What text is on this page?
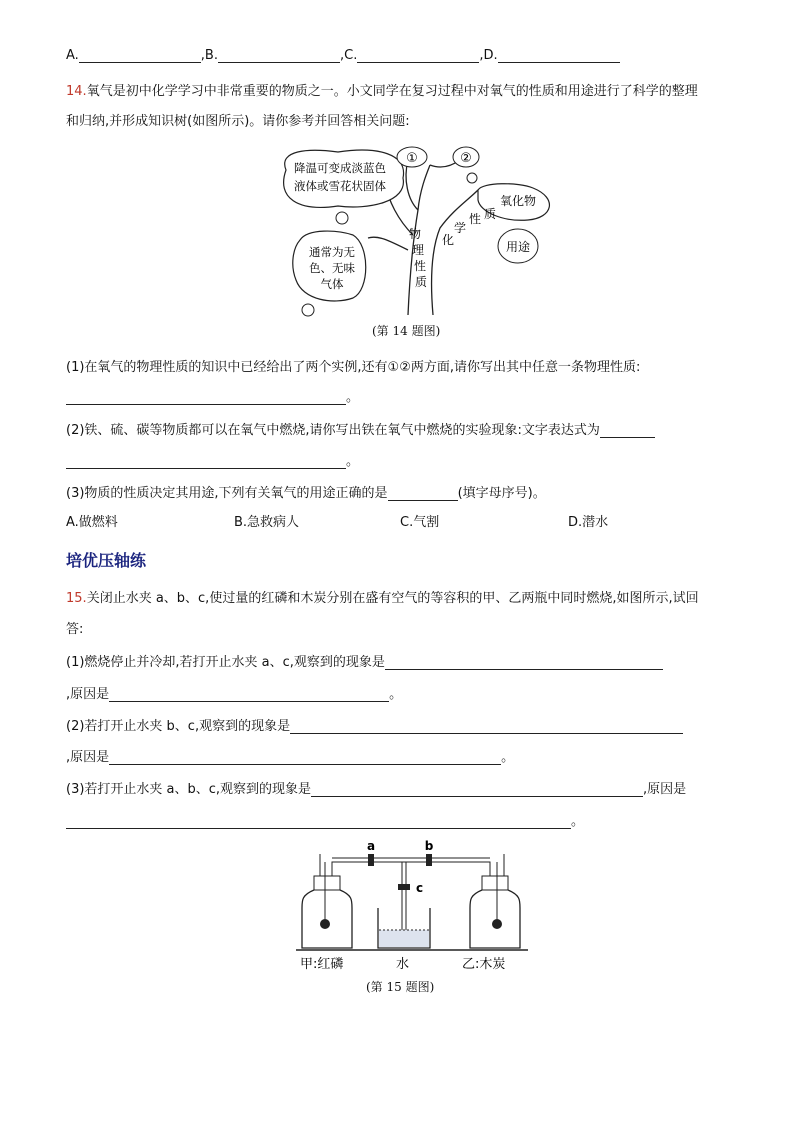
A.	,B.	,C.	,D.
14.氧气是初中化学学习中非常重要的物质之一。小文同学在复习过程中对氧气的性质和用途进行了科学的整理
和归纳,并形成知识树(如图所示)。请你参考并回答相关问题:
降温可变成淡蓝色
液体或雪花状固体
通常为无
色、无味
气体
①	②
氧化物
用途
物
理
性
质
化
学
性 质
(第 14 题图)
(1)在氧气的物理性质的知识中已经给出了两个实例,还有①②两方面,请你写出其中任意一条物理性质:
。
(2)铁、硫、碳等物质都可以在氧气中燃烧,请你写出铁在氧气中燃烧的实验现象:文字表达式为
。
(3)物质的性质决定其用途,下列有关氧气的用途正确的是	(填字母序号)。
A.做燃料	B.急救病人	C.气割	D.潜水
培优压轴练
15.关闭止水夹 a、b、c,使过量的红磷和木炭分别在盛有空气的等容积的甲、乙两瓶中同时燃烧,如图所示,试回
答:
(1)燃烧停止并冷却,若打开止水夹 a、c,观察到的现象是
,原因是	。
(2)若打开止水夹 b、c,观察到的现象是
,原因是	。
(3)若打开止水夹 a、b、c,观察到的现象是	,原因是
。
a	b
c
甲:红磷	水	乙:木炭
(第 15 题图)
